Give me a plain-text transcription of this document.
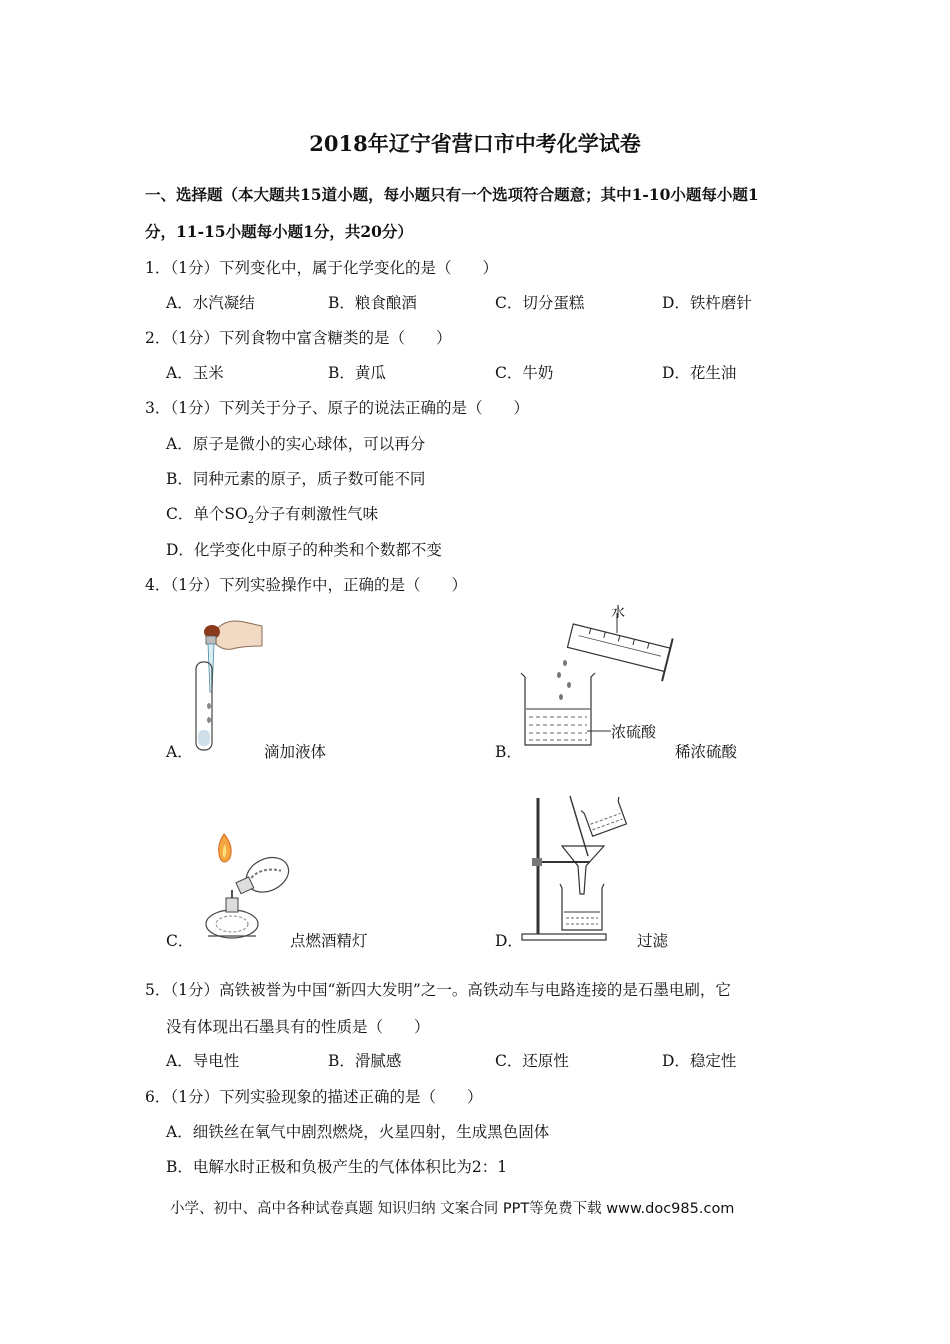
2018年辽宁省营口市中考化学试卷
一、选择题（本大题共15道小题，每小题只有一个选项符合题意；其中1-10小题每小题1
分，11-15小题每小题1分，共20分）
1．（1分）下列变化中，属于化学变化的是（　　）
A．水汽凝结	B．粮食酿酒	C．切分蛋糕	D．铁杵磨针
2．（1分）下列食物中富含糖类的是（　　）
A．玉米	B．黄瓜	C．牛奶	D．花生油
3．（1分）下列关于分子、原子的说法正确的是（　　）
A．原子是微小的实心球体，可以再分
B．同种元素的原子，质子数可能不同
C．单个$SO_2$分子有刺激性气味
D．化学变化中原子的种类和个数都不变
4．（1分）下列实验操作中，正确的是（　　）
A．	滴加液体
水
浓硫酸
B．	稀浓硫酸
C．	点燃酒精灯	D．	过滤
5．（1分）高铁被誉为中国“新四大发明”之一。高铁动车与电路连接的是石墨电刷，它
没有体现出石墨具有的性质是（　　）
A．导电性	B．滑腻感	C．还原性	D．稳定性
6．（1分）下列实验现象的描述正确的是（　　）
A．细铁丝在氧气中剧烈燃烧，火星四射，生成黑色固体
B．电解水时正极和负极产生的气体体积比为2：1
小学、初中、高中各种试卷真题 知识归纳 文案合同 PPT等免费下载 www.doc985.com
